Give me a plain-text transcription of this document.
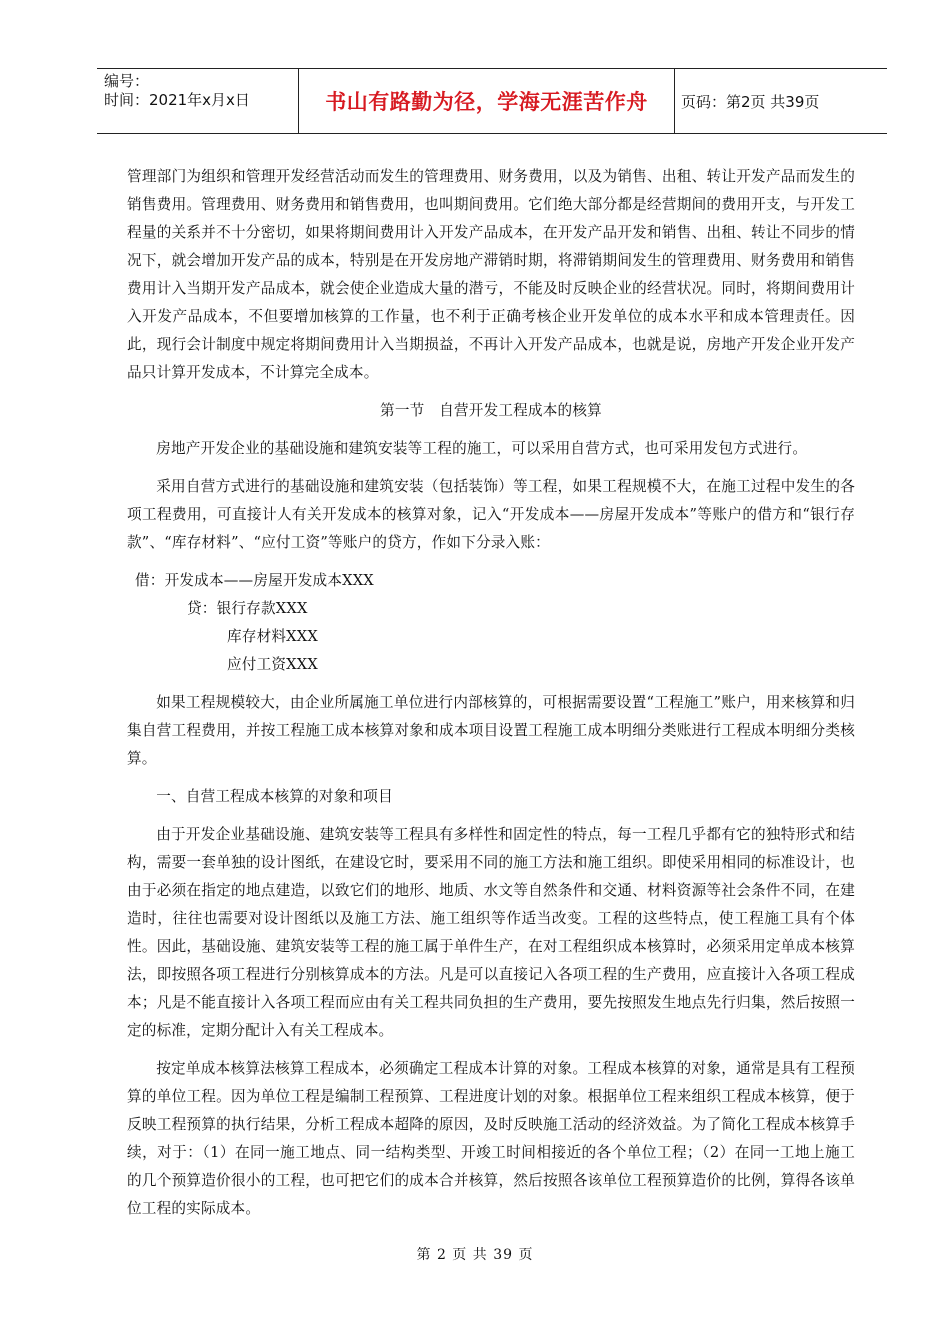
编号：
时间：2021年x月x日	书山有路勤为径，学海无涯苦作舟	页码：第2页 共39页

管理部门为组织和管理开发经营活动而发生的管理费用、财务费用，以及为销售、出租、转让开发产品而发生的销售费用。管理费用、财务费用和销售费用，也叫期间费用。它们绝大部分都是经营期间的费用开支，与开发工程量的关系并不十分密切，如果将期间费用计入开发产品成本，在开发产品开发和销售、出租、转让不同步的情况下，就会增加开发产品的成本，特别是在开发房地产滞销时期，将滞销期间发生的管理费用、财务费用和销售费用计入当期开发产品成本，就会使企业造成大量的潜亏，不能及时反映企业的经营状况。同时，将期间费用计入开发产品成本，不但要增加核算的工作量，也不利于正确考核企业开发单位的成本水平和成本管理责任。因此，现行会计制度中规定将期间费用计入当期损益，不再计入开发产品成本，也就是说，房地产开发企业开发产品只计算开发成本，不计算完全成本。

第一节　自营开发工程成本的核算

房地产开发企业的基础设施和建筑安装等工程的施工，可以采用自营方式，也可采用发包方式进行。

采用自营方式进行的基础设施和建筑安装（包括装饰）等工程，如果工程规模不大，在施工过程中发生的各项工程费用，可直接计人有关开发成本的核算对象，记入“开发成本——房屋开发成本”等账户的借方和“银行存款”、“库存材料”、“应付工资”等账户的贷方，作如下分录入账：

借：开发成本——房屋开发成本XXX

贷：银行存款XXX

库存材料XXX

应付工资XXX

如果工程规模较大，由企业所属施工单位进行内部核算的，可根据需要设置“工程施工”账户，用来核算和归集自营工程费用，并按工程施工成本核算对象和成本项目设置工程施工成本明细分类账进行工程成本明细分类核算。

一、自营工程成本核算的对象和项目

由于开发企业基础设施、建筑安装等工程具有多样性和固定性的特点，每一工程几乎都有它的独特形式和结构，需要一套单独的设计图纸，在建设它时，要采用不同的施工方法和施工组织。即使采用相同的标准设计，也由于必须在指定的地点建造，以致它们的地形、地质、水文等自然条件和交通、材料资源等社会条件不同，在建造时，往往也需要对设计图纸以及施工方法、施工组织等作适当改变。工程的这些特点，使工程施工具有个体性。因此，基础设施、建筑安装等工程的施工属于单件生产，在对工程组织成本核算时，必须采用定单成本核算法，即按照各项工程进行分别核算成本的方法。凡是可以直接记入各项工程的生产费用，应直接计入各项工程成本；凡是不能直接计入各项工程而应由有关工程共同负担的生产费用，要先按照发生地点先行归集，然后按照一定的标准，定期分配计入有关工程成本。

按定单成本核算法核算工程成本，必须确定工程成本计算的对象。工程成本核算的对象，通常是具有工程预算的单位工程。因为单位工程是编制工程预算、工程进度计划的对象。根据单位工程来组织工程成本核算，便于反映工程预算的执行结果，分析工程成本超降的原因，及时反映施工活动的经济效益。为了简化工程成本核算手续，对于：（1）在同一施工地点、同一结构类型、开竣工时间相接近的各个单位工程；（2）在同一工地上施工的几个预算造价很小的工程，也可把它们的成本合并核算，然后按照各该单位工程预算造价的比例，算得各该单位工程的实际成本。

第 2 页 共 39 页
